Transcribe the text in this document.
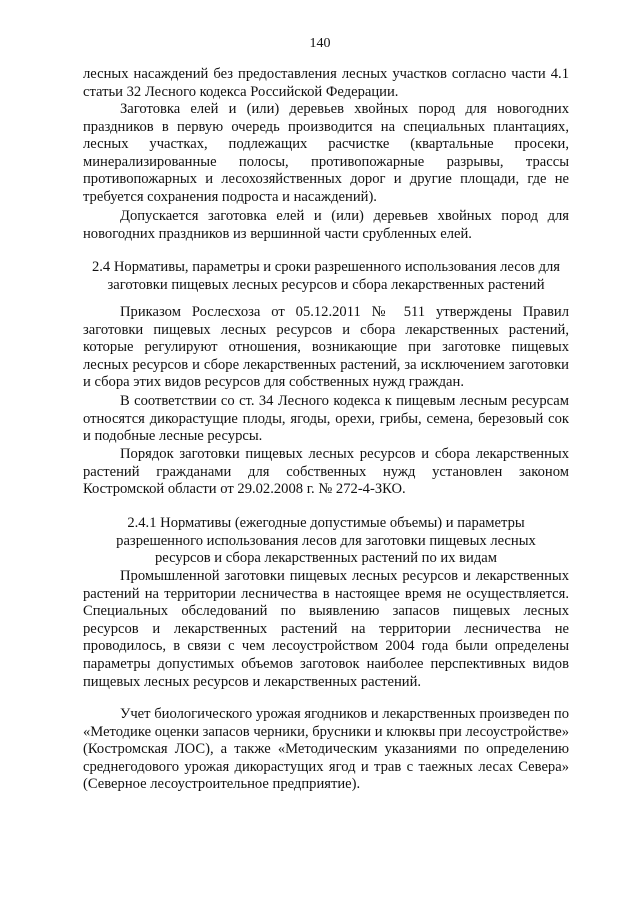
140

лесных насаждений без предоставления лесных участков согласно части 4.1 статьи 32 Лесного кодекса Российской Федерации.

Заготовка елей и (или) деревьев хвойных пород для новогодних праздников в первую очередь производится на специальных плантациях, лесных участках, подлежащих расчистке (квартальные просеки, минерализированные полосы, противопожарные разрывы, трассы противопожарных и лесохозяйственных дорог и другие площади, где не требуется сохранения подроста и насаждений).

Допускается заготовка елей и (или) деревьев хвойных пород для новогодних праздников из вершинной части срубленных елей.

2.4 Нормативы, параметры и сроки разрешенного использования лесов для заготовки пищевых лесных ресурсов и сбора лекарственных растений

Приказом Рослесхоза от 05.12.2011 № 511 утверждены Правил заготовки пищевых лесных ресурсов и сбора лекарственных растений, которые регулируют отношения, возникающие при заготовке пищевых лесных ресурсов и сборе лекарственных растений, за исключением заготовки и сбора этих видов ресурсов для собственных нужд граждан.

В соответствии со ст. 34 Лесного кодекса к пищевым лесным ресурсам относятся дикорастущие плоды, ягоды, орехи, грибы, семена, березовый сок и подобные лесные ресурсы.

Порядок заготовки пищевых лесных ресурсов и сбора лекарственных растений гражданами для собственных нужд установлен законом Костромской области от 29.02.2008 г. № 272-4-ЗКО.

2.4.1 Нормативы (ежегодные допустимые объемы) и параметры разрешенного использования лесов для заготовки пищевых лесных ресурсов и сбора лекарственных растений по их видам

Промышленной заготовки пищевых лесных ресурсов и лекарственных растений на территории лесничества в настоящее время не осуществляется. Специальных обследований по выявлению запасов пищевых лесных ресурсов и лекарственных растений на территории лесничества не проводилось, в связи с чем лесоустройством 2004 года были определены параметры допустимых объемов заготовок наиболее перспективных видов пищевых лесных ресурсов и лекарственных растений.

Учет биологического урожая ягодников и лекарственных произведен по «Методике оценки запасов черники, брусники и клюквы при лесоустройстве» (Костромская ЛОС), а также «Методическим указаниями по определению среднегодового урожая дикорастущих ягод и трав с таежных лесах Севера» (Северное лесоустроительное предприятие).
